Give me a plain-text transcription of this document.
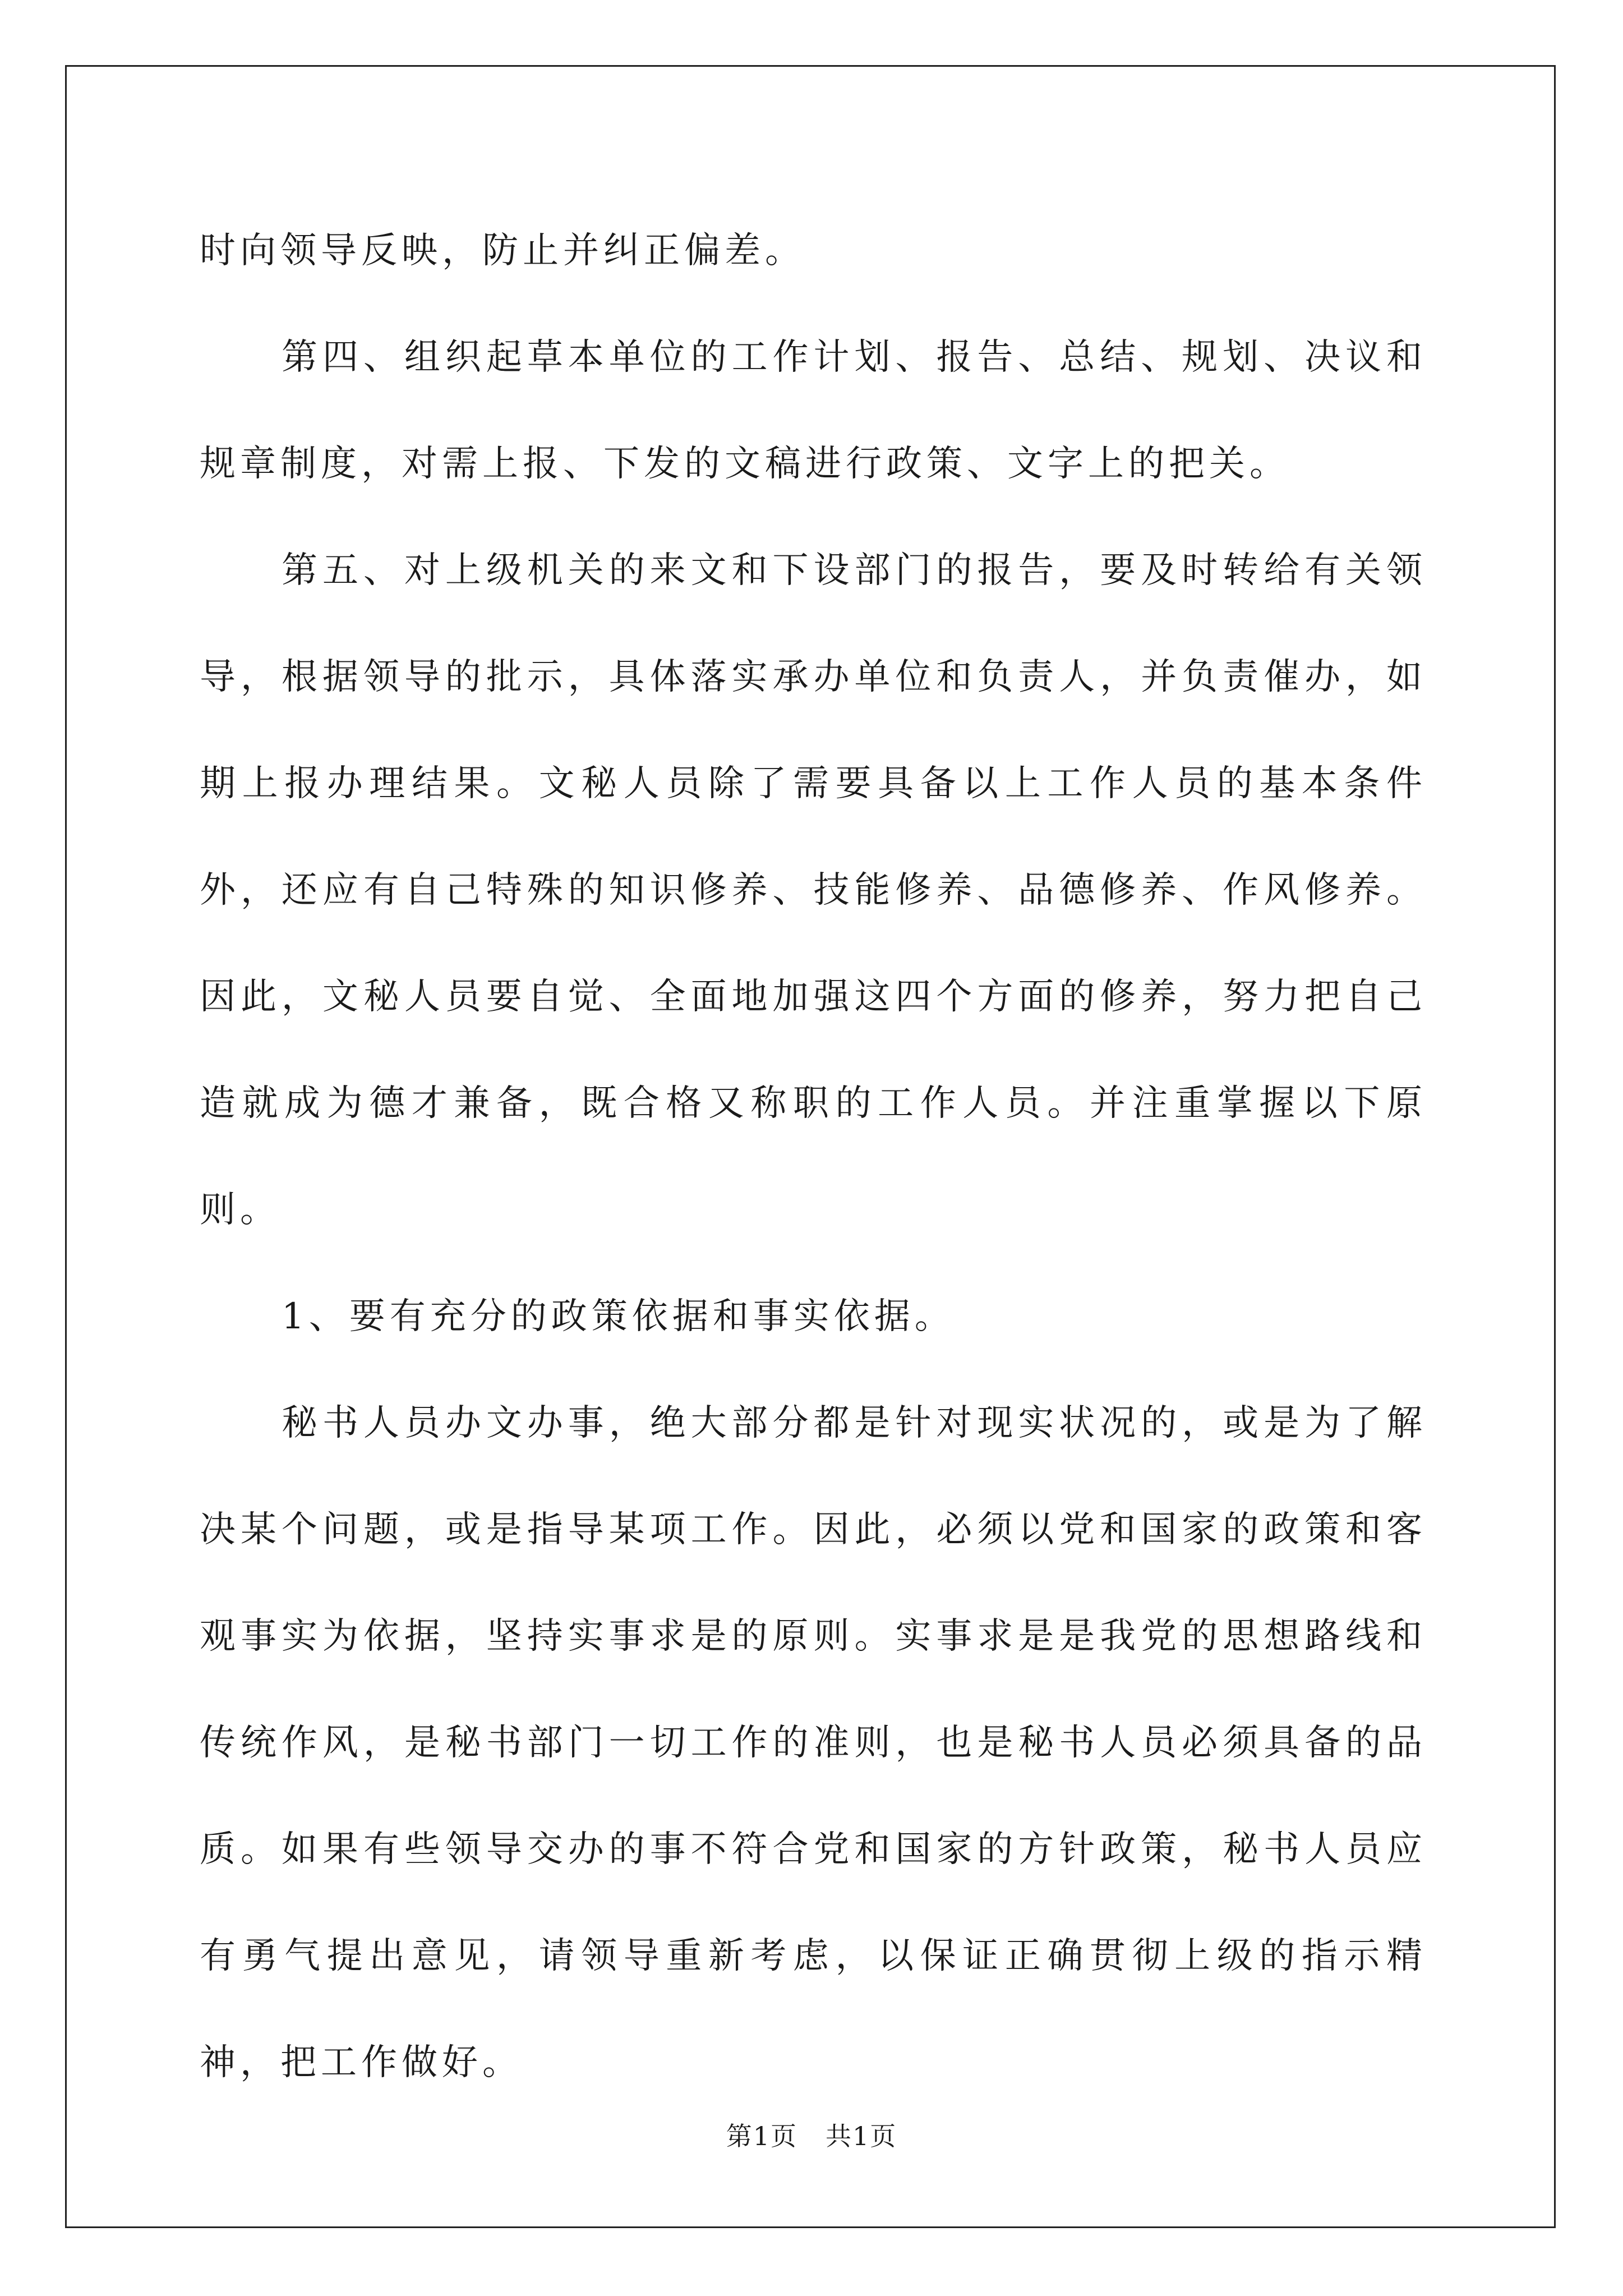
时向领导反映，防止并纠正偏差。

第四、组织起草本单位的工作计划、报告、总结、规划、决议和规章制度，对需上报、下发的文稿进行政策、文字上的把关。

第五、对上级机关的来文和下设部门的报告，要及时转给有关领导，根据领导的批示，具体落实承办单位和负责人，并负责催办，如期上报办理结果。文秘人员除了需要具备以上工作人员的基本条件外，还应有自己特殊的知识修养、技能修养、品德修养、作风修养。因此，文秘人员要自觉、全面地加强这四个方面的修养，努力把自己造就成为德才兼备，既合格又称职的工作人员。并注重掌握以下原则。

1、要有充分的政策依据和事实依据。

秘书人员办文办事，绝大部分都是针对现实状况的，或是为了解决某个问题，或是指导某项工作。因此，必须以党和国家的政策和客观事实为依据，坚持实事求是的原则。实事求是是我党的思想路线和传统作风，是秘书部门一切工作的准则，也是秘书人员必须具备的品质。如果有些领导交办的事不符合党和国家的方针政策，秘书人员应有勇气提出意见，请领导重新考虑，以保证正确贯彻上级的指示精神，把工作做好。

第1页 共1页
